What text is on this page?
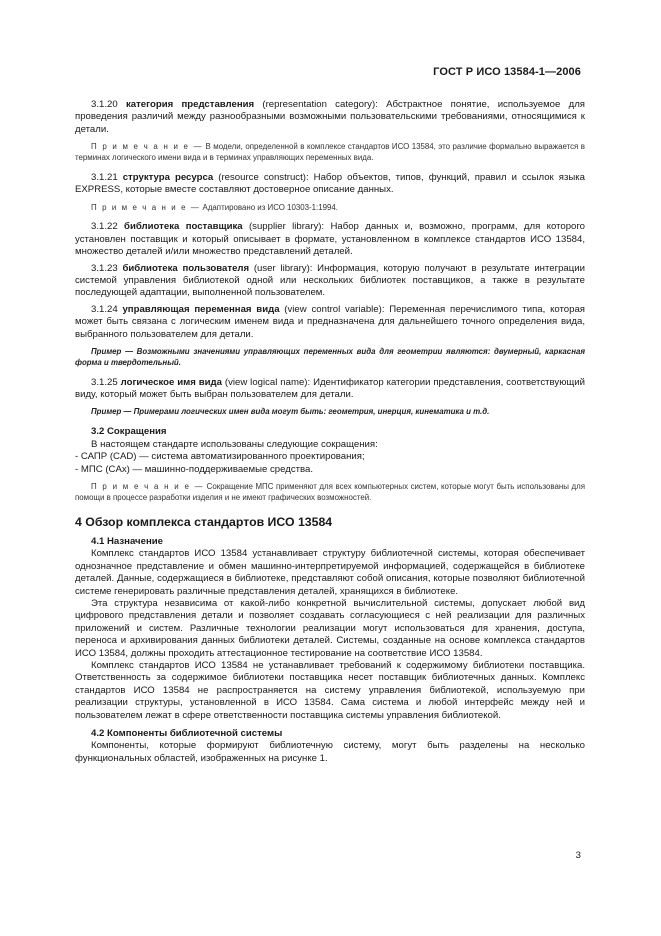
ГОСТ Р ИСО 13584-1—2006

3.1.20 категория представления (representation category): Абстрактное понятие, используемое для проведения различий между разнообразными возможными пользовательскими требованиями, относящимися к детали.

П р и м е ч а н и е — В модели, определенной в комплексе стандартов ИСО 13584, это различие формально выражается в терминах логического имени вида и в терминах управляющих переменных вида.

3.1.21 структура ресурса (resource construct): Набор объектов, типов, функций, правил и ссылок языка EXPRESS, которые вместе составляют достоверное описание данных.

П р и м е ч а н и е — Адаптировано из ИСО 10303-1:1994.

3.1.22 библиотека поставщика (supplier library): Набор данных и, возможно, программ, для которого установлен поставщик и который описывает в формате, установленном в комплексе стандартов ИСО 13584, множество деталей и/или множество представлений деталей.

3.1.23 библиотека пользователя (user library): Информация, которую получают в результате интеграции системой управления библиотекой одной или нескольких библиотек поставщиков, а также в результате последующей адаптации, выполненной пользователем.

3.1.24 управляющая переменная вида (view control variable): Переменная перечислимого типа, которая может быть связана с логическим именем вида и предназначена для дальнейшего точного определения вида, выбранного пользователем для детали.

Пример — Возможными значениями управляющих переменных вида для геометрии являются: двумерный, каркасная форма и твердотельный.

3.1.25 логическое имя вида (view logical name): Идентификатор категории представления, соответствующий виду, который может быть выбран пользователем для детали.

Пример — Примерами логических имен вида могут быть: геометрия, инерция, кинематика и т.д.

3.2 Сокращения

В настоящем стандарте использованы следующие сокращения:

- САПР (CAD) — система автоматизированного проектирования;

- МПС (CAx) — машинно-поддерживаемые средства.

П р и м е ч а н и е — Сокращение МПС применяют для всех компьютерных систем, которые могут быть использованы для помощи в процессе разработки изделия и не имеют графических возможностей.

4 Обзор комплекса стандартов ИСО 13584

4.1 Назначение

Комплекс стандартов ИСО 13584 устанавливает структуру библиотечной системы, которая обеспечивает однозначное представление и обмен машинно-интерпретируемой информацией, содержащейся в библиотеке деталей. Данные, содержащиеся в библиотеке, представляют собой описания, которые позволяют библиотечной системе генерировать различные представления деталей, хранящихся в библиотеке.

Эта структура независима от какой-либо конкретной вычислительной системы, допускает любой вид цифрового представления детали и позволяет создавать согласующиеся с ней реализации для различных приложений и систем. Различные технологии реализации могут использоваться для хранения, доступа, переноса и архивирования данных библиотеки деталей. Системы, созданные на основе комплекса стандартов ИСО 13584, должны проходить аттестационное тестирование на соответствие ИСО 13584.

Комплекс стандартов ИСО 13584 не устанавливает требований к содержимому библиотеки поставщика. Ответственность за содержимое библиотеки поставщика несет поставщик библиотечных данных. Комплекс стандартов ИСО 13584 не распространяется на систему управления библиотекой, используемую при реализации структуры, установленной в ИСО 13584. Сама система и любой интерфейс между ней и пользователем лежат в сфере ответственности поставщика системы управления библиотекой.

4.2 Компоненты библиотечной системы

Компоненты, которые формируют библиотечную систему, могут быть разделены на несколько функциональных областей, изображенных на рисунке 1.

3
